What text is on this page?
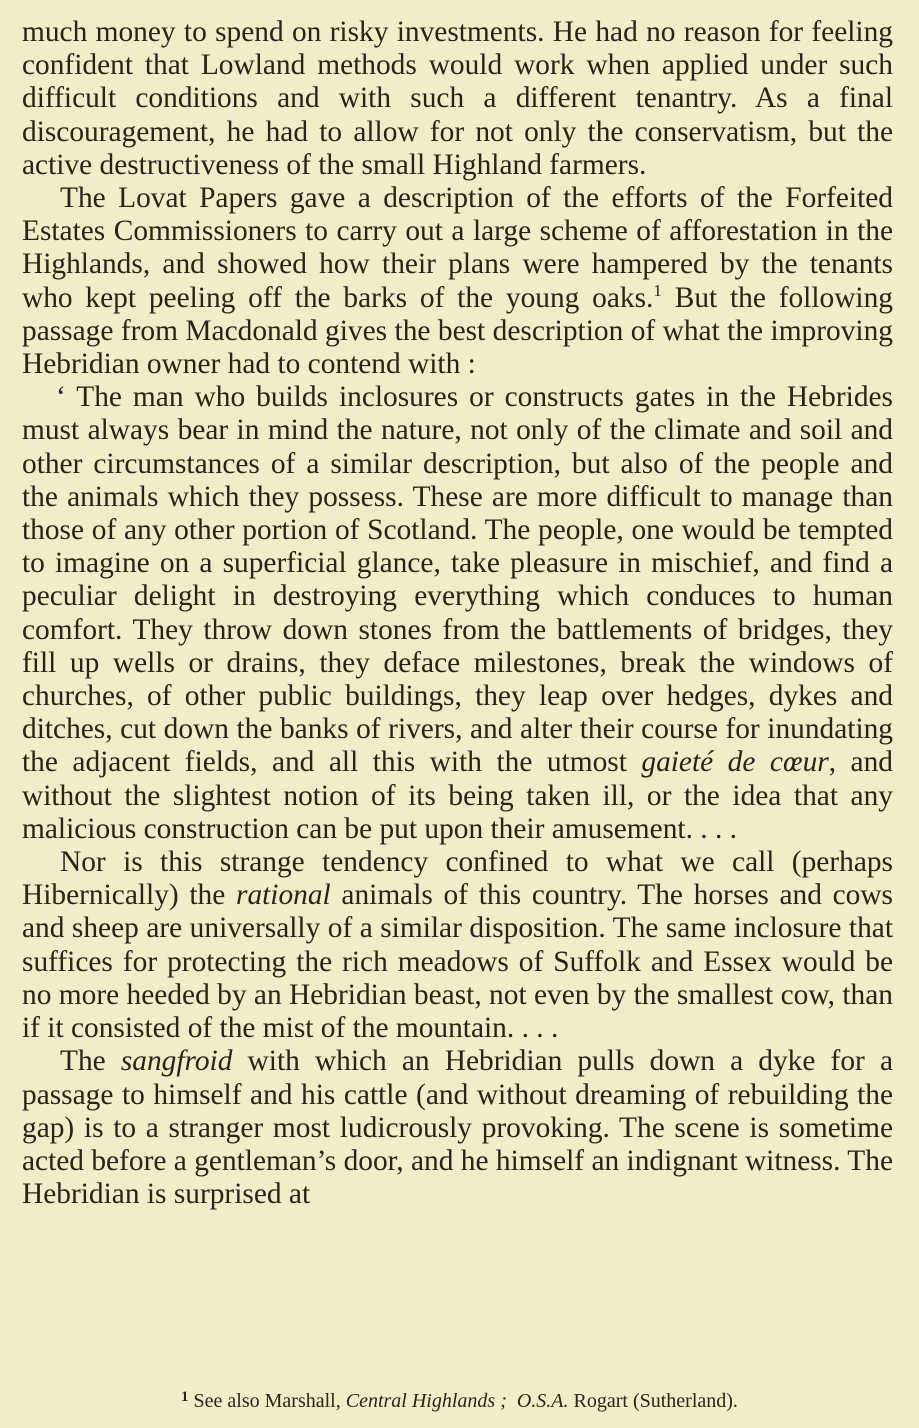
much money to spend on risky investments. He had no reason for feeling confident that Lowland methods would work when applied under such difficult conditions and with such a different tenantry. As a final discouragement, he had to allow for not only the conservatism, but the active destructiveness of the small Highland farmers.

The Lovat Papers gave a description of the efforts of the Forfeited Estates Commissioners to carry out a large scheme of afforestation in the Highlands, and showed how their plans were hampered by the tenants who kept peeling off the barks of the young oaks.$^1$ But the following passage from Macdonald gives the best description of what the improving Hebridian owner had to contend with :

‘ The man who builds inclosures or constructs gates in the Hebrides must always bear in mind the nature, not only of the climate and soil and other circumstances of a similar description, but also of the people and the animals which they possess. These are more difficult to manage than those of any other portion of Scotland. The people, one would be tempted to imagine on a superficial glance, take pleasure in mischief, and find a peculiar delight in destroying everything which conduces to human comfort. They throw down stones from the battlements of bridges, they fill up wells or drains, they deface milestones, break the windows of churches, of other public buildings, they leap over hedges, dykes and ditches, cut down the banks of rivers, and alter their course for inundating the adjacent fields, and all this with the utmost gaieté de cœur, and without the slightest notion of its being taken ill, or the idea that any malicious construction can be put upon their amusement. . . .

Nor is this strange tendency confined to what we call (perhaps Hibernically) the rational animals of this country. The horses and cows and sheep are universally of a similar disposition. The same inclosure that suffices for protecting the rich meadows of Suffolk and Essex would be no more heeded by an Hebridian beast, not even by the smallest cow, than if it consisted of the mist of the mountain. . . .

The sangfroid with which an Hebridian pulls down a dyke for a passage to himself and his cattle (and without dreaming of rebuilding the gap) is to a stranger most ludicrously provoking. The scene is sometime acted before a gentleman’s door, and he himself an indignant witness. The Hebridian is surprised at

$^1$ See also Marshall, Central Highlands ; O.S.A. Rogart (Sutherland).
